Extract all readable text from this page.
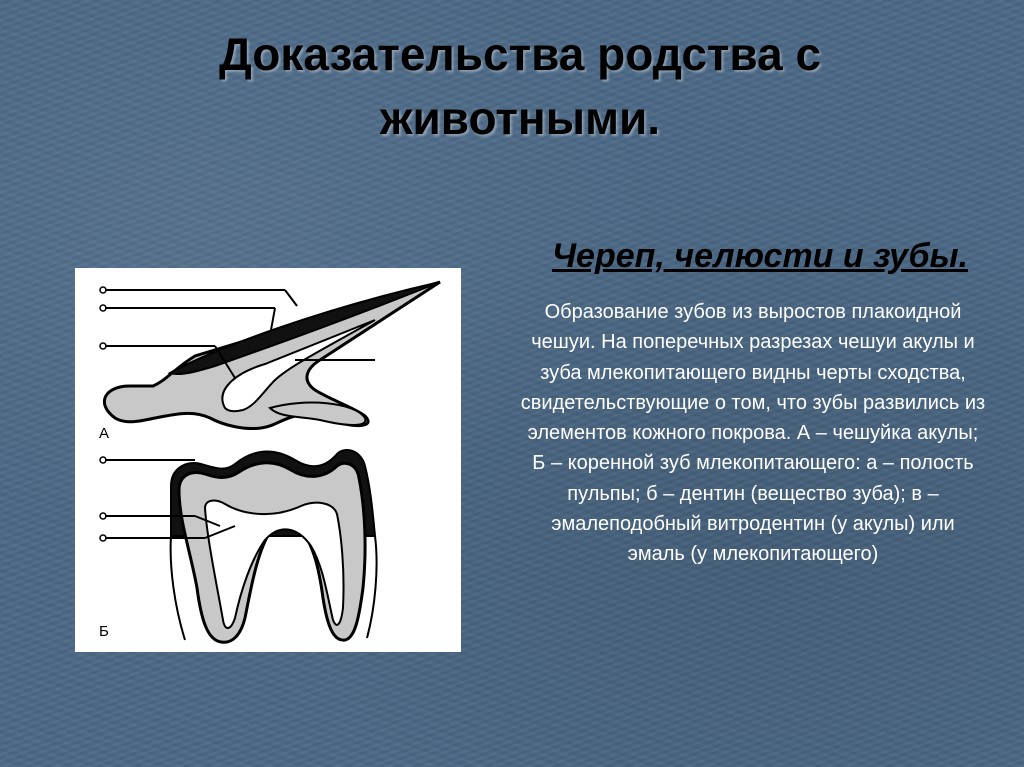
Доказательства родства с животными.
А
Б

Образование зубов из выростов плакоидной чешуи. На поперечных разрезах чешуи акулы и зуба млекопитающего видны черты сходства, свидетельствующие о том, что зубы развились из элементов кожного покрова. А – чешуйка акулы; Б – коренной зуб млекопитающего: а – полость пульпы; б – дентин (вещество зуба); в – эмалеподобный витродентин (у акулы) или эмаль (у млекопитающего)

Череп, челюсти и зубы.
